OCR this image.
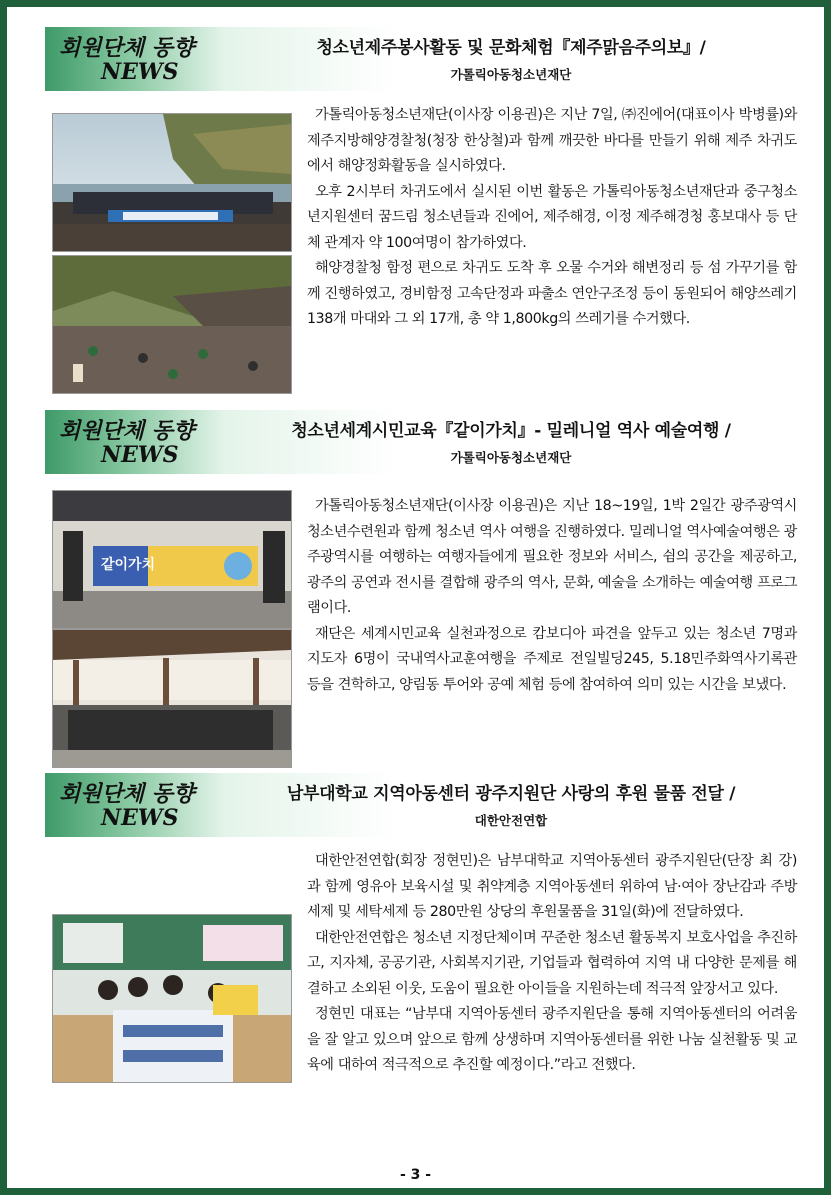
회원단체 동향
NEWS
청소년제주봉사활동 및 문화체험『제주맑음주의보』/
가톨릭아동청소년재단

가톨릭아동청소년재단(이사장 이용권)은 지난 7일, ㈜진에어(대표이사 박병률)와 제주지방해양경찰청(청장 한상철)과 함께 깨끗한 바다를 만들기 위해 제주 차귀도에서 해양정화활동을 실시하였다.

오후 2시부터 차귀도에서 실시된 이번 활동은 가톨릭아동청소년재단과 중구청소년지원센터 꿈드림 청소년들과 진에어, 제주해경, 이정 제주해경청 홍보대사 등 단체 관계자 약 100여명이 참가하였다.

해양경찰청 함정 편으로 차귀도 도착 후 오물 수거와 해변정리 등 섬 가꾸기를 함께 진행하였고, 경비함정 고속단정과 파출소 연안구조정 등이 동원되어 해양쓰레기 138개 마대와 그 외 17개, 총 약 1,800kg의 쓰레기를 수거했다.

회원단체 동향
NEWS
청소년세계시민교육『같이가치』- 밀레니얼 역사 예술여행 /
가톨릭아동청소년재단
같이가치

가톨릭아동청소년재단(이사장 이용권)은 지난 18~19일, 1박 2일간 광주광역시청소년수련원과 함께 청소년 역사 여행을 진행하였다. 밀레니얼 역사예술여행은 광주광역시를 여행하는 여행자들에게 필요한 정보와 서비스, 쉼의 공간을 제공하고, 광주의 공연과 전시를 결합해 광주의 역사, 문화, 예술을 소개하는 예술여행 프로그램이다.

재단은 세계시민교육 실천과정으로 캄보디아 파견을 앞두고 있는 청소년 7명과 지도자 6명이 국내역사교훈여행을 주제로 전일빌딩245, 5.18민주화역사기록관 등을 견학하고, 양림동 투어와 공예 체험 등에 참여하여 의미 있는 시간을 보냈다.

회원단체 동향
NEWS
남부대학교 지역아동센터 광주지원단 사랑의 후원 물품 전달 /
대한안전연합

대한안전연합(회장 정현민)은 남부대학교 지역아동센터 광주지원단(단장 최 강)과 함께 영유아 보육시설 및 취약계층 지역아동센터 위하여 남·여아 장난감과 주방세제 및 세탁세제 등 280만원 상당의 후원물품을 31일(화)에 전달하였다.

대한안전연합은 청소년 지정단체이며 꾸준한 청소년 활동복지 보호사업을 추진하고, 지자체, 공공기관, 사회복지기관, 기업들과 협력하여 지역 내 다양한 문제를 해결하고 소외된 이웃, 도움이 필요한 아이들을 지원하는데 적극적 앞장서고 있다.

정현민 대표는 “남부대 지역아동센터 광주지원단을 통해 지역아동센터의 어려움을 잘 알고 있으며 앞으로 함께 상생하며 지역아동센터를 위한 나눔 실천활동 및 교육에 대하여 적극적으로 추진할 예정이다.”라고 전했다.

- 3 -
